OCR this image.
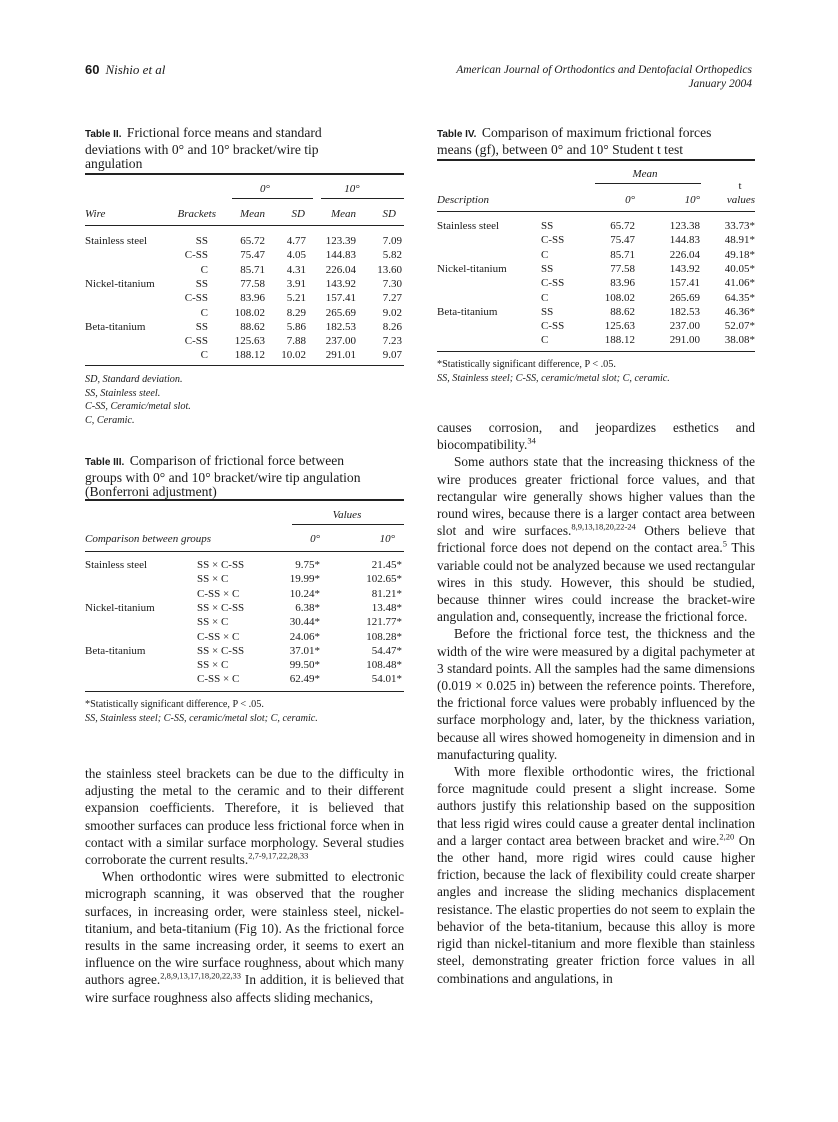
60 Nishio et al	American Journal of Orthodontics and Dentofacial Orthopedics
January 2004
Table II. Frictional force means and standard
deviations with 0° and 10° bracket/wire tip
angulation
0°	10°
Wire	Brackets	Mean	SD	Mean	SD
Stainless steel	SS	65.72	4.77	123.39	7.09
C-SS	75.47	4.05	144.83	5.82
C	85.71	4.31	226.04	13.60
Nickel-titanium	SS	77.58	3.91	143.92	7.30
C-SS	83.96	5.21	157.41	7.27
C	108.02	8.29	265.69	9.02
Beta-titanium	SS	88.62	5.86	182.53	8.26
C-SS	125.63	7.88	237.00	7.23
C	188.12	10.02	291.01	9.07
SD, Standard deviation.
SS, Stainless steel.
C-SS, Ceramic/metal slot.
C, Ceramic.
Table III. Comparison of frictional force between
groups with 0° and 10° bracket/wire tip angulation
(Bonferroni adjustment)
Values
Comparison between groups	0°	10°
Stainless steel	SS × C-SS	9.75*	21.45*
SS × C	19.99*	102.65*
C-SS × C	10.24*	81.21*
Nickel-titanium	SS × C-SS	6.38*	13.48*
SS × C	30.44*	121.77*
C-SS × C	24.06*	108.28*
Beta-titanium	SS × C-SS	37.01*	54.47*
SS × C	99.50*	108.48*
C-SS × C	62.49*	54.01*
*Statistically significant difference, P < .05.
SS, Stainless steel; C-SS, ceramic/metal slot; C, ceramic.
Table IV. Comparison of maximum frictional forces
means (gf), between 0° and 10° Student t test
Mean
t
Description	0°	10°	values
Stainless steel	SS	65.72	123.38	33.73*
C-SS	75.47	144.83	48.91*
C	85.71	226.04	49.18*
Nickel-titanium	SS	77.58	143.92	40.05*
C-SS	83.96	157.41	41.06*
C	108.02	265.69	64.35*
Beta-titanium	SS	88.62	182.53	46.36*
C-SS	125.63	237.00	52.07*
C	188.12	291.00	38.08*
*Statistically significant difference, P < .05.
SS, Stainless steel; C-SS, ceramic/metal slot; C, ceramic.

the stainless steel brackets can be due to the difficulty in adjusting the metal to the ceramic and to their different expansion coefficients. Therefore, it is believed that smoother surfaces can produce less frictional force when in contact with a similar surface morphology. Several studies corroborate the current results.$^{2,7-9,17,22,28,33}$

When orthodontic wires were submitted to electronic micrograph scanning, it was observed that the rougher surfaces, in increasing order, were stainless steel, nickel-titanium, and beta-titanium (Fig 10). As the frictional force results in the same increasing order, it seems to exert an influence on the wire surface roughness, about which many authors agree.$^{2,8,9,13,17,18,20,22,33}$ In addition, it is believed that wire surface roughness also affects sliding mechanics,

causes corrosion, and jeopardizes esthetics and biocompatibility.$^{34}$

Some authors state that the increasing thickness of the wire produces greater frictional force values, and that rectangular wire generally shows higher values than the round wires, because there is a larger contact area between slot and wire surfaces.$^{8,9,13,18,20,22-24}$ Others believe that frictional force does not depend on the contact area.$^5$ This variable could not be analyzed because we used rectangular wires in this study. However, this should be studied, because thinner wires could increase the bracket-wire angulation and, consequently, increase the frictional force.

Before the frictional force test, the thickness and the width of the wire were measured by a digital pachymeter at 3 standard points. All the samples had the same dimensions (0.019 × 0.025 in) between the reference points. Therefore, the frictional force values were probably influenced by the surface morphology and, later, by the thickness variation, because all wires showed homogeneity in dimension and in manufacturing quality.

With more flexible orthodontic wires, the frictional force magnitude could present a slight increase. Some authors justify this relationship based on the supposition that less rigid wires could cause a greater dental inclination and a larger contact area between bracket and wire.$^{2,20}$ On the other hand, more rigid wires could cause higher friction, because the lack of flexibility could create sharper angles and increase the sliding mechanics displacement resistance. The elastic properties do not seem to explain the behavior of the beta-titanium, because this alloy is more rigid than nickel-titanium and more flexible than stainless steel, demonstrating greater friction force values in all combinations and angulations, in
